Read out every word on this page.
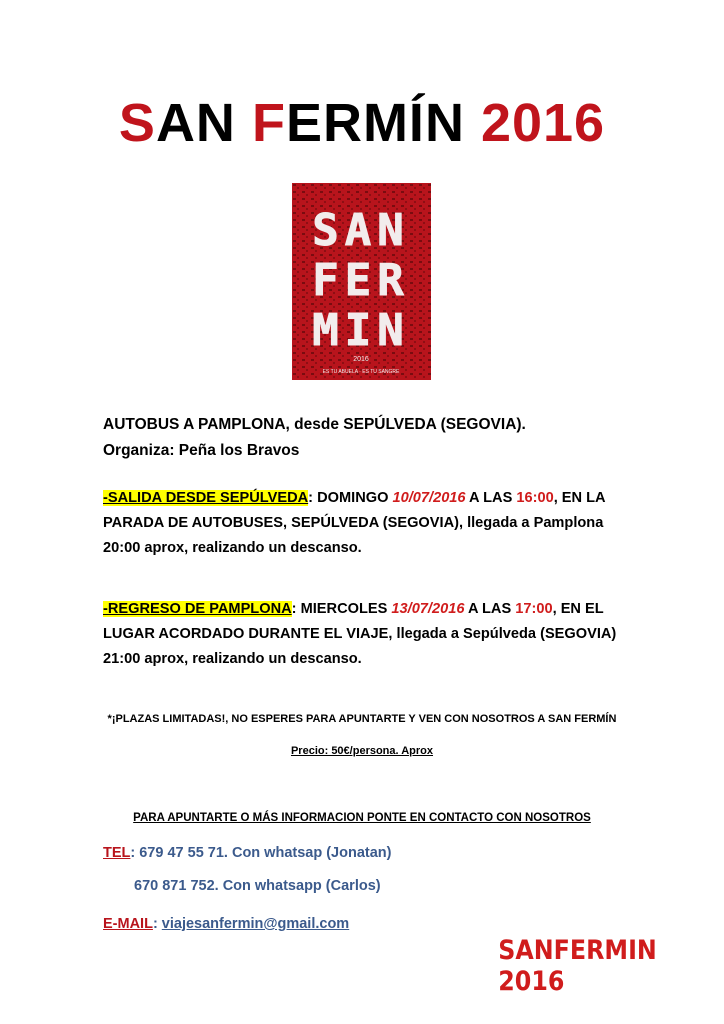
SAN FERMÍN 2016
SAN
FER
MIN
2016
ES TU ABUELA · ES TU SANGRE
AUTOBUS A PAMPLONA, desde SEPÚLVEDA (SEGOVIA).
Organiza: Peña los Bravos
-SALIDA DESDE SEPÚLVEDA: DOMINGO 10/07/2016 A LAS 16:00, EN LA
PARADA DE AUTOBUSES, SEPÚLVEDA (SEGOVIA), llegada a Pamplona
20:00 aprox, realizando un descanso.
-REGRESO DE PAMPLONA: MIERCOLES 13/07/2016 A LAS 17:00, EN EL
LUGAR ACORDADO DURANTE EL VIAJE, llegada a Sepúlveda (SEGOVIA)
21:00 aprox, realizando un descanso.
*¡PLAZAS LIMITADAS!, NO ESPERES PARA APUNTARTE Y VEN CON NOSOTROS A SAN FERMÍN
Precio: 50€/persona. Aprox
PARA APUNTARTE O MÁS INFORMACION PONTE EN CONTACTO CON NOSOTROS
TEL: 679 47 55 71. Con whatsap (Jonatan)
670 871 752. Con whatsapp (Carlos)
E-MAIL: viajesanfermin@gmail.com
SANFERMIN 2016
